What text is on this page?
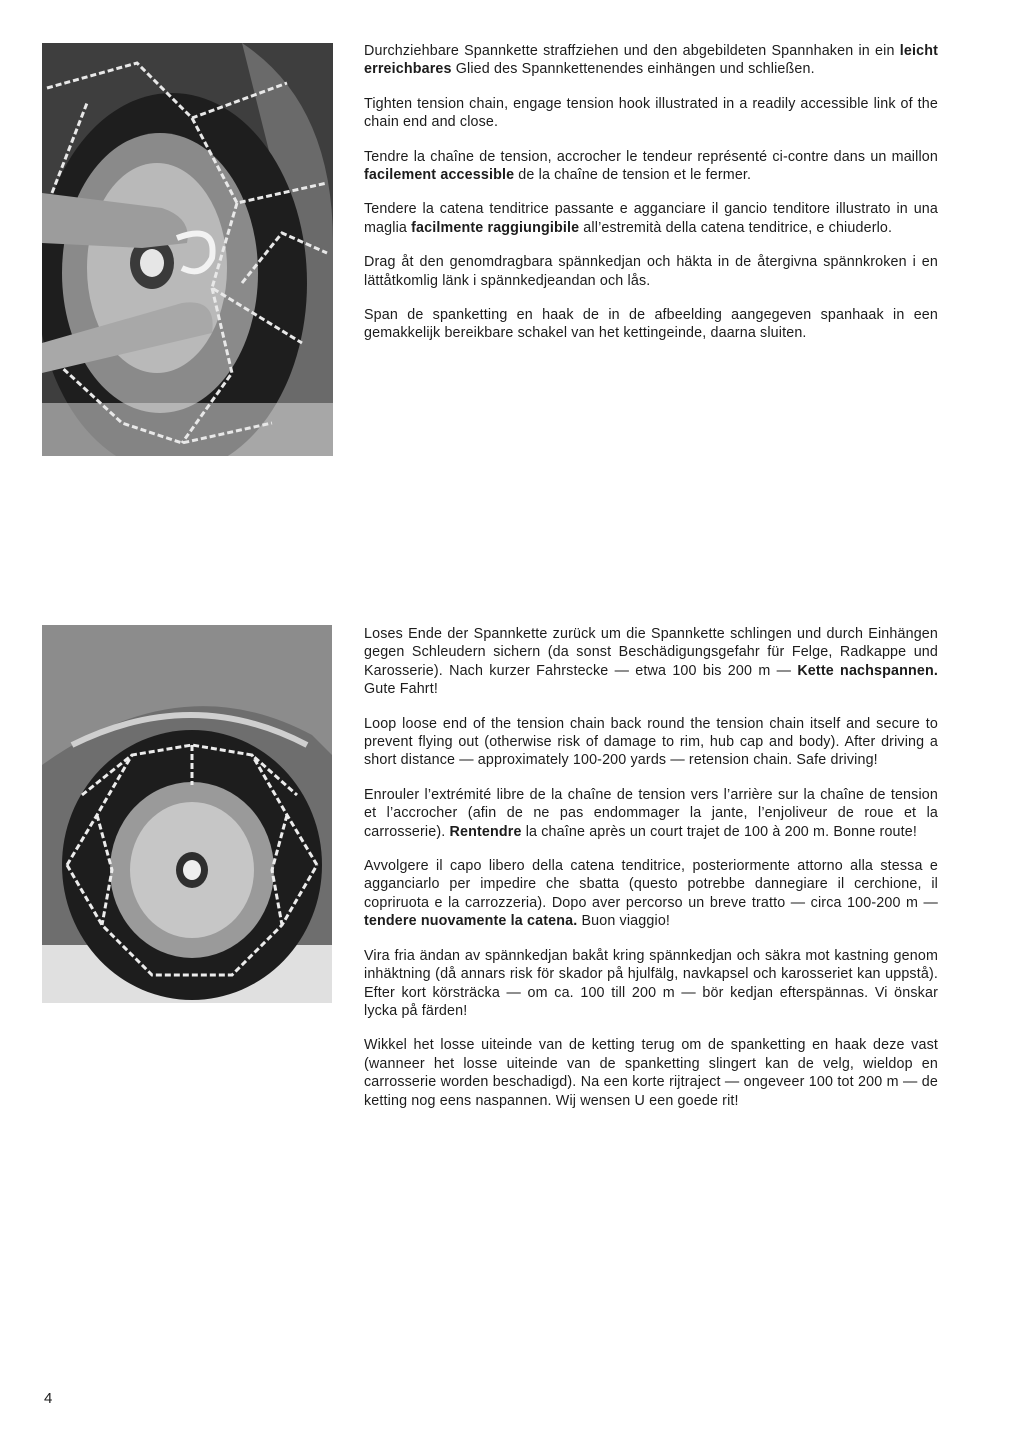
Durchziehbare Spannkette straffziehen und den abgebildeten Spannhaken in ein leicht erreichbares Glied des Spannkettenendes einhängen und schließen.

Tighten tension chain, engage tension hook illustrated in a readily accessible link of the chain end and close.

Tendre la chaîne de tension, accrocher le tendeur représenté ci-contre dans un maillon facilement accessible de la chaîne de tension et le fermer.

Tendere la catena tenditrice passante e agganciare il gancio tenditore illustrato in una maglia facilmente raggiungibile all’estremità della catena tenditrice, e chiuderlo.

Drag åt den genomdragbara spännkedjan och häkta in de återgivna spännkroken i en lättåtkomlig länk i spännkedjeandan och lås.

Span de spanketting en haak de in de afbeelding aangegeven spanhaak in een gemakkelijk bereikbare schakel van het kettingeinde, daarna sluiten.

Loses Ende der Spannkette zurück um die Spannkette schlingen und durch Einhängen gegen Schleudern sichern (da sonst Beschädigungsgefahr für Felge, Radkappe und Karosserie). Nach kurzer Fahrstecke — etwa 100 bis 200 m — Kette nachspannen. Gute Fahrt!

Loop loose end of the tension chain back round the tension chain itself and secure to prevent flying out (otherwise risk of damage to rim, hub cap and body). After driving a short distance — approximately 100-200 yards — retension chain. Safe driving!

Enrouler l’extrémité libre de la chaîne de tension vers l’arrière sur la chaîne de tension et l’accrocher (afin de ne pas endommager la jante, l’enjoliveur de roue et la carrosserie). Rentendre la chaîne après un court trajet de 100 à 200 m. Bonne route!

Avvolgere il capo libero della catena tenditrice, posteriormente attorno alla stessa e agganciarlo per impedire che sbatta (questo potrebbe dannegiare il cerchione, il copriruota e la carrozzeria). Dopo aver percorso un breve tratto — circa 100-200 m — tendere nuovamente la catena. Buon viaggio!

Vira fria ändan av spännkedjan bakåt kring spännkedjan och säkra mot kastning genom inhäktning (då annars risk för skador på hjulfälg, navkapsel och karosseriet kan uppstå). Efter kort körsträcka — om ca. 100 till 200 m — bör kedjan efterspännas. Vi önskar lycka på färden!

Wikkel het losse uiteinde van de ketting terug om de spanketting en haak deze vast (wanneer het losse uiteinde van de spanketting slingert kan de velg, wieldop en carrosserie worden beschadigd). Na een korte rijtraject — ongeveer 100 tot 200 m — de ketting nog eens naspannen. Wij wensen U een goede rit!

4
